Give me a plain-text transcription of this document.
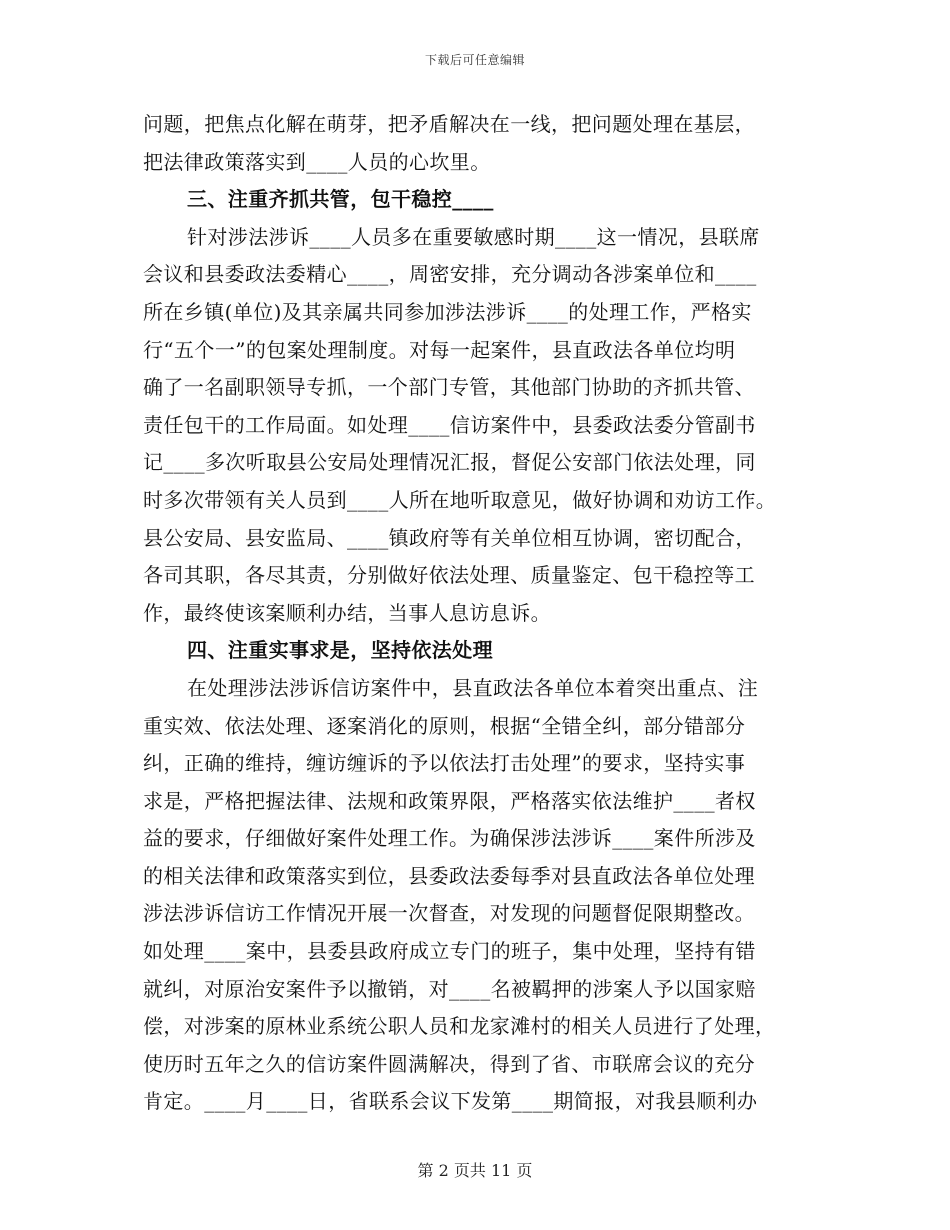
下载后可任意编辑
问题，把焦点化解在萌芽，把矛盾解决在一线，把问题处理在基层，
把法律政策落实到____人员的心坎里。
三、注重齐抓共管，包干稳控____
针对涉法涉诉____人员多在重要敏感时期____这一情况，县联席
会议和县委政法委精心____，周密安排，充分调动各涉案单位和____
所在乡镇(单位)及其亲属共同参加涉法涉诉____的处理工作，严格实
行“五个一”的包案处理制度。对每一起案件，县直政法各单位均明
确了一名副职领导专抓，一个部门专管，其他部门协助的齐抓共管、
责任包干的工作局面。如处理____信访案件中，县委政法委分管副书
记____多次听取县公安局处理情况汇报，督促公安部门依法处理，同
时多次带领有关人员到____人所在地听取意见，做好协调和劝访工作。
县公安局、县安监局、____镇政府等有关单位相互协调，密切配合，
各司其职，各尽其责，分别做好依法处理、质量鉴定、包干稳控等工
作，最终使该案顺利办结，当事人息访息诉。
四、注重实事求是，坚持依法处理
在处理涉法涉诉信访案件中，县直政法各单位本着突出重点、注
重实效、依法处理、逐案消化的原则，根据“全错全纠，部分错部分
纠，正确的维持，缠访缠诉的予以依法打击处理”的要求，坚持实事
求是，严格把握法律、法规和政策界限，严格落实依法维护____者权
益的要求，仔细做好案件处理工作。为确保涉法涉诉____案件所涉及
的相关法律和政策落实到位，县委政法委每季对县直政法各单位处理
涉法涉诉信访工作情况开展一次督查，对发现的问题督促限期整改。
如处理____案中，县委县政府成立专门的班子，集中处理，坚持有错
就纠，对原治安案件予以撤销，对____名被羁押的涉案人予以国家赔
偿，对涉案的原林业系统公职人员和龙家滩村的相关人员进行了处理，
使历时五年之久的信访案件圆满解决，得到了省、市联席会议的充分
肯定。____月____日，省联系会议下发第____期简报，对我县顺利办
第 2 页共 11 页
